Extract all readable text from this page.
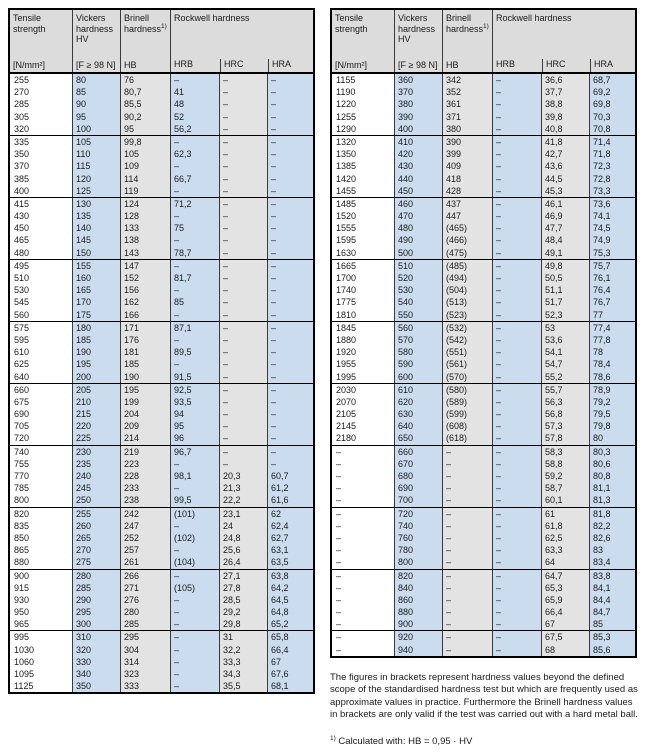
Tensile strength
[N/mm²]
Vickers hardness HV
[F ≥ 98 N]
Brinell hardness$^{1)}$
HB
Rockwell hardness
HRB	HRC	HRA
255	80	76	–	–	–
270	85	80,7	41	–	–
285	90	85,5	48	–	–
305	95	90,2	52	–	–
320	100	95	56,2	–	–
335	105	99,8	–	–	–
350	110	105	62,3	–	–
370	115	109	–	–	–
385	120	114	66,7	–	–
400	125	119	–	–	–
415	130	124	71,2	–	–
430	135	128	–	–	–
450	140	133	75	–	–
465	145	138	–	–	–
480	150	143	78,7	–	–
495	155	147	–	–	–
510	160	152	81,7	–	–
530	165	156	–	–	–
545	170	162	85	–	–
560	175	166	–	–	–
575	180	171	87,1	–	–
595	185	176	–	–	–
610	190	181	89,5	–	–
625	195	185	–	–	–
640	200	190	91,5	–	–
660	205	195	92,5	–	–
675	210	199	93,5	–	–
690	215	204	94	–	–
705	220	209	95	–	–
720	225	214	96	–	–
740	230	219	96,7	–	–
755	235	223	–	–	–
770	240	228	98,1	20,3	60,7
785	245	233	–	21,3	61,2
800	250	238	99,5	22,2	61,6
820	255	242	(101)	23,1	62
835	260	247	–	24	62,4
850	265	252	(102)	24,8	62,7
865	270	257	–	25,6	63,1
880	275	261	(104)	26,4	63,5
900	280	266	–	27,1	63,8
915	285	271	(105)	27,8	64,2
930	290	276	–	28,5	64,5
950	295	280	–	29,2	64,8
965	300	285	–	29,8	65,2
995	310	295	–	31	65,8
1030	320	304	–	32,2	66,4
1060	330	314	–	33,3	67
1095	340	323	–	34,3	67,6
1125	350	333	–	35,5	68,1
Tensile strength
[N/mm²]
Vickers hardness HV
[F ≥ 98 N]
Brinell hardness$^{1)}$
HB
Rockwell hardness
HRB	HRC	HRA
1155	360	342	–	36,6	68,7
1190	370	352	–	37,7	69,2
1220	380	361	–	38,8	69,8
1255	390	371	–	39,8	70,3
1290	400	380	–	40,8	70,8
1320	410	390	–	41,8	71,4
1350	420	399	–	42,7	71,8
1385	430	409	–	43,6	72,3
1420	440	418	–	44,5	72,8
1455	450	428	–	45,3	73,3
1485	460	437	–	46,1	73,6
1520	470	447	–	46,9	74,1
1555	480	(465)	–	47,7	74,5
1595	490	(466)	–	48,4	74,9
1630	500	(475)	–	49,1	75,3
1665	510	(485)	–	49,8	75,7
1700	520	(494)	–	50,5	76,1
1740	530	(504)	–	51,1	76,4
1775	540	(513)	–	51,7	76,7
1810	550	(523)	–	52,3	77
1845	560	(532)	–	53	77,4
1880	570	(542)	–	53,6	77,8
1920	580	(551)	–	54,1	78
1955	590	(561)	–	54,7	78,4
1995	600	(570)	–	55,2	78,6
2030	610	(580)	–	55,7	78,9
2070	620	(589)	–	56,3	79,2
2105	630	(599)	–	56,8	79,5
2145	640	(608)	–	57,3	79,8
2180	650	(618)	–	57,8	80
–	660	–	–	58,3	80,3
–	670	–	–	58,8	80,6
–	680	–	–	59,2	80,8
–	690	–	–	58,7	81,1
–	700	–	–	60,1	81,3
–	720	–	–	61	81,8
–	740	–	–	61,8	82,2
–	760	–	–	62,5	82,6
–	780	–	–	63,3	83
–	800	–	–	64	83,4
–	820	–	–	64,7	83,8
–	840	–	–	65,3	84,1
–	860	–	–	65,9	84,4
–	880	–	–	66,4	84,7
–	900	–	–	67	85
–	920	–	–	67,5	85,3
–	940	–	–	68	85,6

The figures in brackets represent hardness values beyond the defined scope of the standardised hardness test but which are frequently used as approximate values in practice. Furthermore the Brinell hardness values in brackets are only valid if the test was carried out with a hard metal ball.

$^{1)}$ Calculated with: HB = 0,95 · HV
